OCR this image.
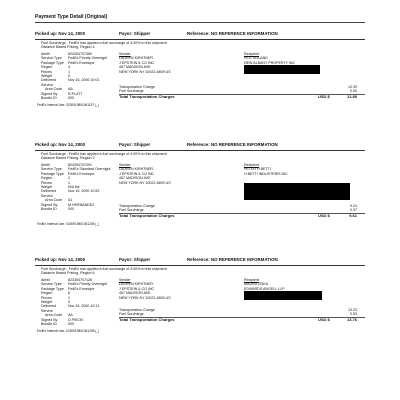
Payment Type Detail (Original)
Picked up: Nov 14, 2000	Payor: Shipper	Reference: NO REFERENCE INFORMATION
Fuel Surcharge - FedEx has applied a fuel surcharge of 4.00% to this shipment.
Distance Based Pricing, Region 4
Airbill	824354707380
Service Type FedEx Priority Overnight
Package Type FedEx Envelope
Region	4
Pieces	1
Weight	0
Delivered	Nov 15, 2000 10:01
Service
Area Code AA
Signed By	R.PLATT
Bundle ID	000
Sender
LAUREN KIRHTNER
J EPSTEIN & CO INC
457 MADISON AVE
NEW YORK NY 10022-6809 US
Recipient
PEG GOLAND
NEW ALBANY PROPERTY INC
Transportation Charge	12.39
Fuel Surcharge	0.50
Total Transportation Charges	USD $	12.89
FedEx Internal Use: 0230919801061197 (_)
Picked up: Nov 14, 2000	Payor: Shipper	Reference: NO REFERENCE INFORMATION
Fuel Surcharge - FedEx has applied a fuel surcharge of 4.00% to this shipment.
Distance Based Pricing, Region 2
Airbill	824354707091
Service Type FedEx Standard Overnight
Package Type FedEx Envelope
Region	2
Pieces	1
Weight	N/A lbs
Delivered	Nov 15, 2000 10:53
Service
Area Code A1
Signed By	M.HERNANDEZ
Bundle ID	000
Sender
LAUREN KIRHTNER
J EPSTEIN & CO INC
457 MADISON AVE
NEW YORK NY 10022-6809 US
Recipient
PETER H BETTI
H BETTI INDUSTRIES INC
Transportation Charge	9.24
Fuel Surcharge	0.37
Total Transportation Charges	USD $	9.61
FedEx Internal Use: 0230919801061206 (_)
Picked up: Nov 14, 2000	Payor: Shipper	Reference: NO REFERENCE INFORMATION
Fuel Surcharge - FedEx has applied a fuel surcharge of 4.00% to this shipment.
Distance Based Pricing, Region 6
Airbill	824354707126
Service Type FedEx Priority Overnight
Package Type FedEx Envelope
Region	6
Pieces	1
Weight	0
Delivered	Nov 15, 2000 10:13
Service
Area Code AA
Signed By	D.PIECKI
Bundle ID	000
Sender
LAUREN KIRHTNER
J EPSTEIN & CO INC
457 MADISON AVE
NEW YORK NY 10022-6809 US
Recipient
MAURA ZISKA
EDWARDS ANGELL LLP
Transportation Charge	13.23
Fuel Surcharge	0.53
Total Transportation Charges	USD $	13.76
FedEx Internal Use: 0230919801061208 (_)
